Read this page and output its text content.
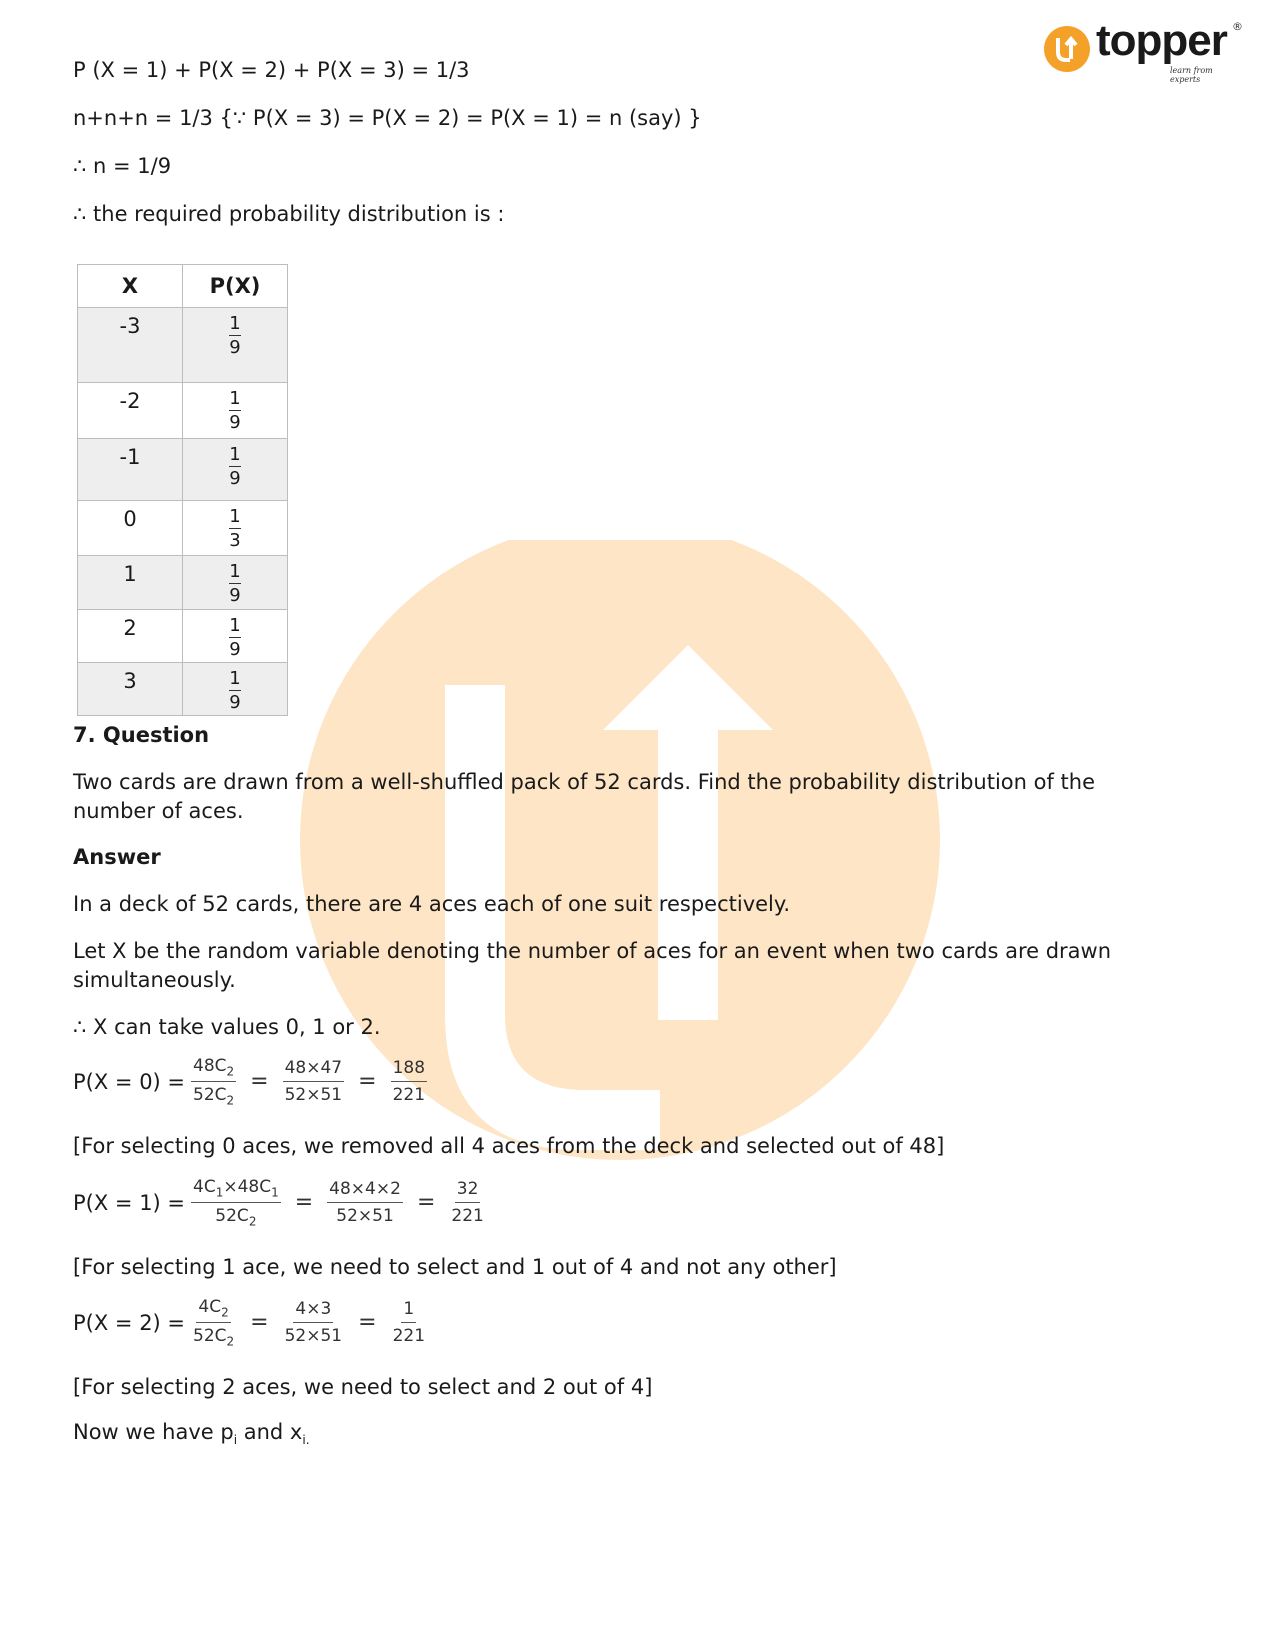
topper ®
learn from experts
P (X = 1) + P(X = 2) + P(X = 3) = 1/3
n+n+n = 1/3 {∵ P(X = 3) = P(X = 2) = P(X = 1) = n (say) }
∴ n = 1/9
∴ the required probability distribution is :
X	P(X)

-3	$\frac{1}{9}$

-2	$\frac{1}{9}$

-1	$\frac{1}{9}$

0	$\frac{1}{3}$

1	$\frac{1}{9}$

2	$\frac{1}{9}$

3	$\frac{1}{9}$
7. Question
Two cards are drawn from a well-shuffled pack of 52 cards. Find the probability distribution of the number of aces.
Answer
In a deck of 52 cards, there are 4 aces each of one suit respectively.
Let X be the random variable denoting the number of aces for an event when two cards are drawn simultaneously.
∴ X can take values 0, 1 or 2.
$P(X = 0) = \frac{48C_2}{52C_2} = \frac{48\times 47}{52\times 51} = \frac{188}{221}$
[For selecting 0 aces, we removed all 4 aces from the deck and selected out of 48]
$P(X = 1) = \frac{4C_1\times 48C_1}{52C_2} = \frac{48\times 4\times 2}{52\times 51} = \frac{32}{221}$
[For selecting 1 ace, we need to select and 1 out of 4 and not any other]
$P(X = 2) = \frac{4C_2}{52C_2} = \frac{4\times 3}{52\times 51} = \frac{1}{221}$
[For selecting 2 aces, we need to select and 2 out of 4]
Now we have $p_i$ and $x_{i.}$
